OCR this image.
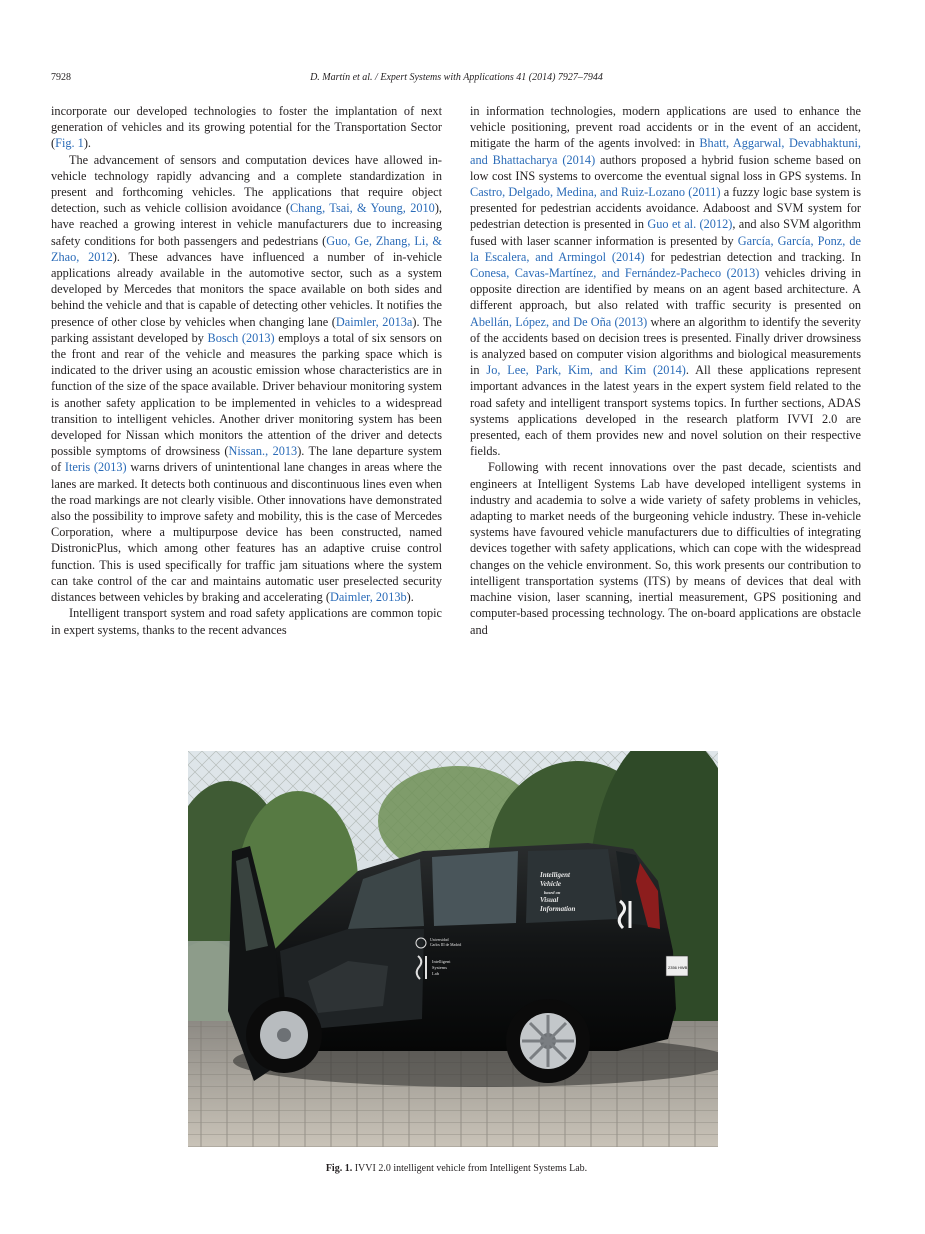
7928	D. Martín et al. / Expert Systems with Applications 41 (2014) 7927–7944

incorporate our developed technologies to foster the implantation of next generation of vehicles and its growing potential for the Transportation Sector (Fig. 1).

The advancement of sensors and computation devices have allowed in-vehicle technology rapidly advancing and a complete standardization in present and forthcoming vehicles. The applications that require object detection, such as vehicle collision avoidance (Chang, Tsai, & Young, 2010), have reached a growing interest in vehicle manufacturers due to increasing safety conditions for both passengers and pedestrians (Guo, Ge, Zhang, Li, & Zhao, 2012). These advances have influenced a number of in-vehicle applications already available in the automotive sector, such as a system developed by Mercedes that monitors the space available on both sides and behind the vehicle and that is capable of detecting other vehicles. It notifies the presence of other close by vehicles when changing lane (Daimler, 2013a). The parking assistant developed by Bosch (2013) employs a total of six sensors on the front and rear of the vehicle and measures the parking space which is indicated to the driver using an acoustic emission whose characteristics are in function of the size of the space available. Driver behaviour monitoring system is another safety application to be implemented in vehicles to a widespread transition to intelligent vehicles. Another driver monitoring system has been developed for Nissan which monitors the attention of the driver and detects possible symptoms of drowsiness (Nissan., 2013). The lane departure system of Iteris (2013) warns drivers of unintentional lane changes in areas where the lanes are marked. It detects both continuous and discontinuous lines even when the road markings are not clearly visible. Other innovations have demonstrated also the possibility to improve safety and mobility, this is the case of Mercedes Corporation, where a multipurpose device has been constructed, named DistronicPlus, which among other features has an adaptive cruise control function. This is used specifically for traffic jam situations where the system can take control of the car and maintains automatic user preselected security distances between vehicles by braking and accelerating (Daimler, 2013b).

Intelligent transport system and road safety applications are common topic in expert systems, thanks to the recent advances

in information technologies, modern applications are used to enhance the vehicle positioning, prevent road accidents or in the event of an accident, mitigate the harm of the agents involved: in Bhatt, Aggarwal, Devabhaktuni, and Bhattacharya (2014) authors proposed a hybrid fusion scheme based on low cost INS systems to overcome the eventual signal loss in GPS systems. In Castro, Delgado, Medina, and Ruiz-Lozano (2011) a fuzzy logic base system is presented for pedestrian accidents avoidance. Adaboost and SVM system for pedestrian detection is presented in Guo et al. (2012), and also SVM algorithm fused with laser scanner information is presented by García, García, Ponz, de la Escalera, and Armingol (2014) for pedestrian detection and tracking. In Conesa, Cavas-Martínez, and Fernández-Pacheco (2013) vehicles driving in opposite direction are identified by means on an agent based architecture. A different approach, but also related with traffic security is presented on Abellán, López, and De Oña (2013) where an algorithm to identify the severity of the accidents based on decision trees is presented. Finally driver drowsiness is analyzed based on computer vision algorithms and biological measurements in Jo, Lee, Park, Kim, and Kim (2014). All these applications represent important advances in the latest years in the expert system field related to the road safety and intelligent transport systems topics. In further sections, ADAS systems applications developed in the research platform IVVI 2.0 are presented, each of them provides new and novel solution on their respective fields.

Following with recent innovations over the past decade, scientists and engineers at Intelligent Systems Lab have developed intelligent systems in industry and academia to solve a wide variety of safety problems in vehicles, adapting to market needs of the burgeoning vehicle industry. These in-vehicle systems have favoured vehicle manufacturers due to difficulties of integrating devices together with safety applications, which can cope with the widespread changes on the vehicle environment. So, this work presents our contribution to intelligent transportation systems (ITS) by means of devices that deal with machine vision, laser scanning, inertial measurement, GPS positioning and computer-based processing technology. The on-board applications are obstacle and

Intelligent
Vehicle
based on
Visual
Information
Universidad
Carlos III de Madrid
Intelligent
Systems
Lab
2356 HWB
Fig. 1. IVVI 2.0 intelligent vehicle from Intelligent Systems Lab.
